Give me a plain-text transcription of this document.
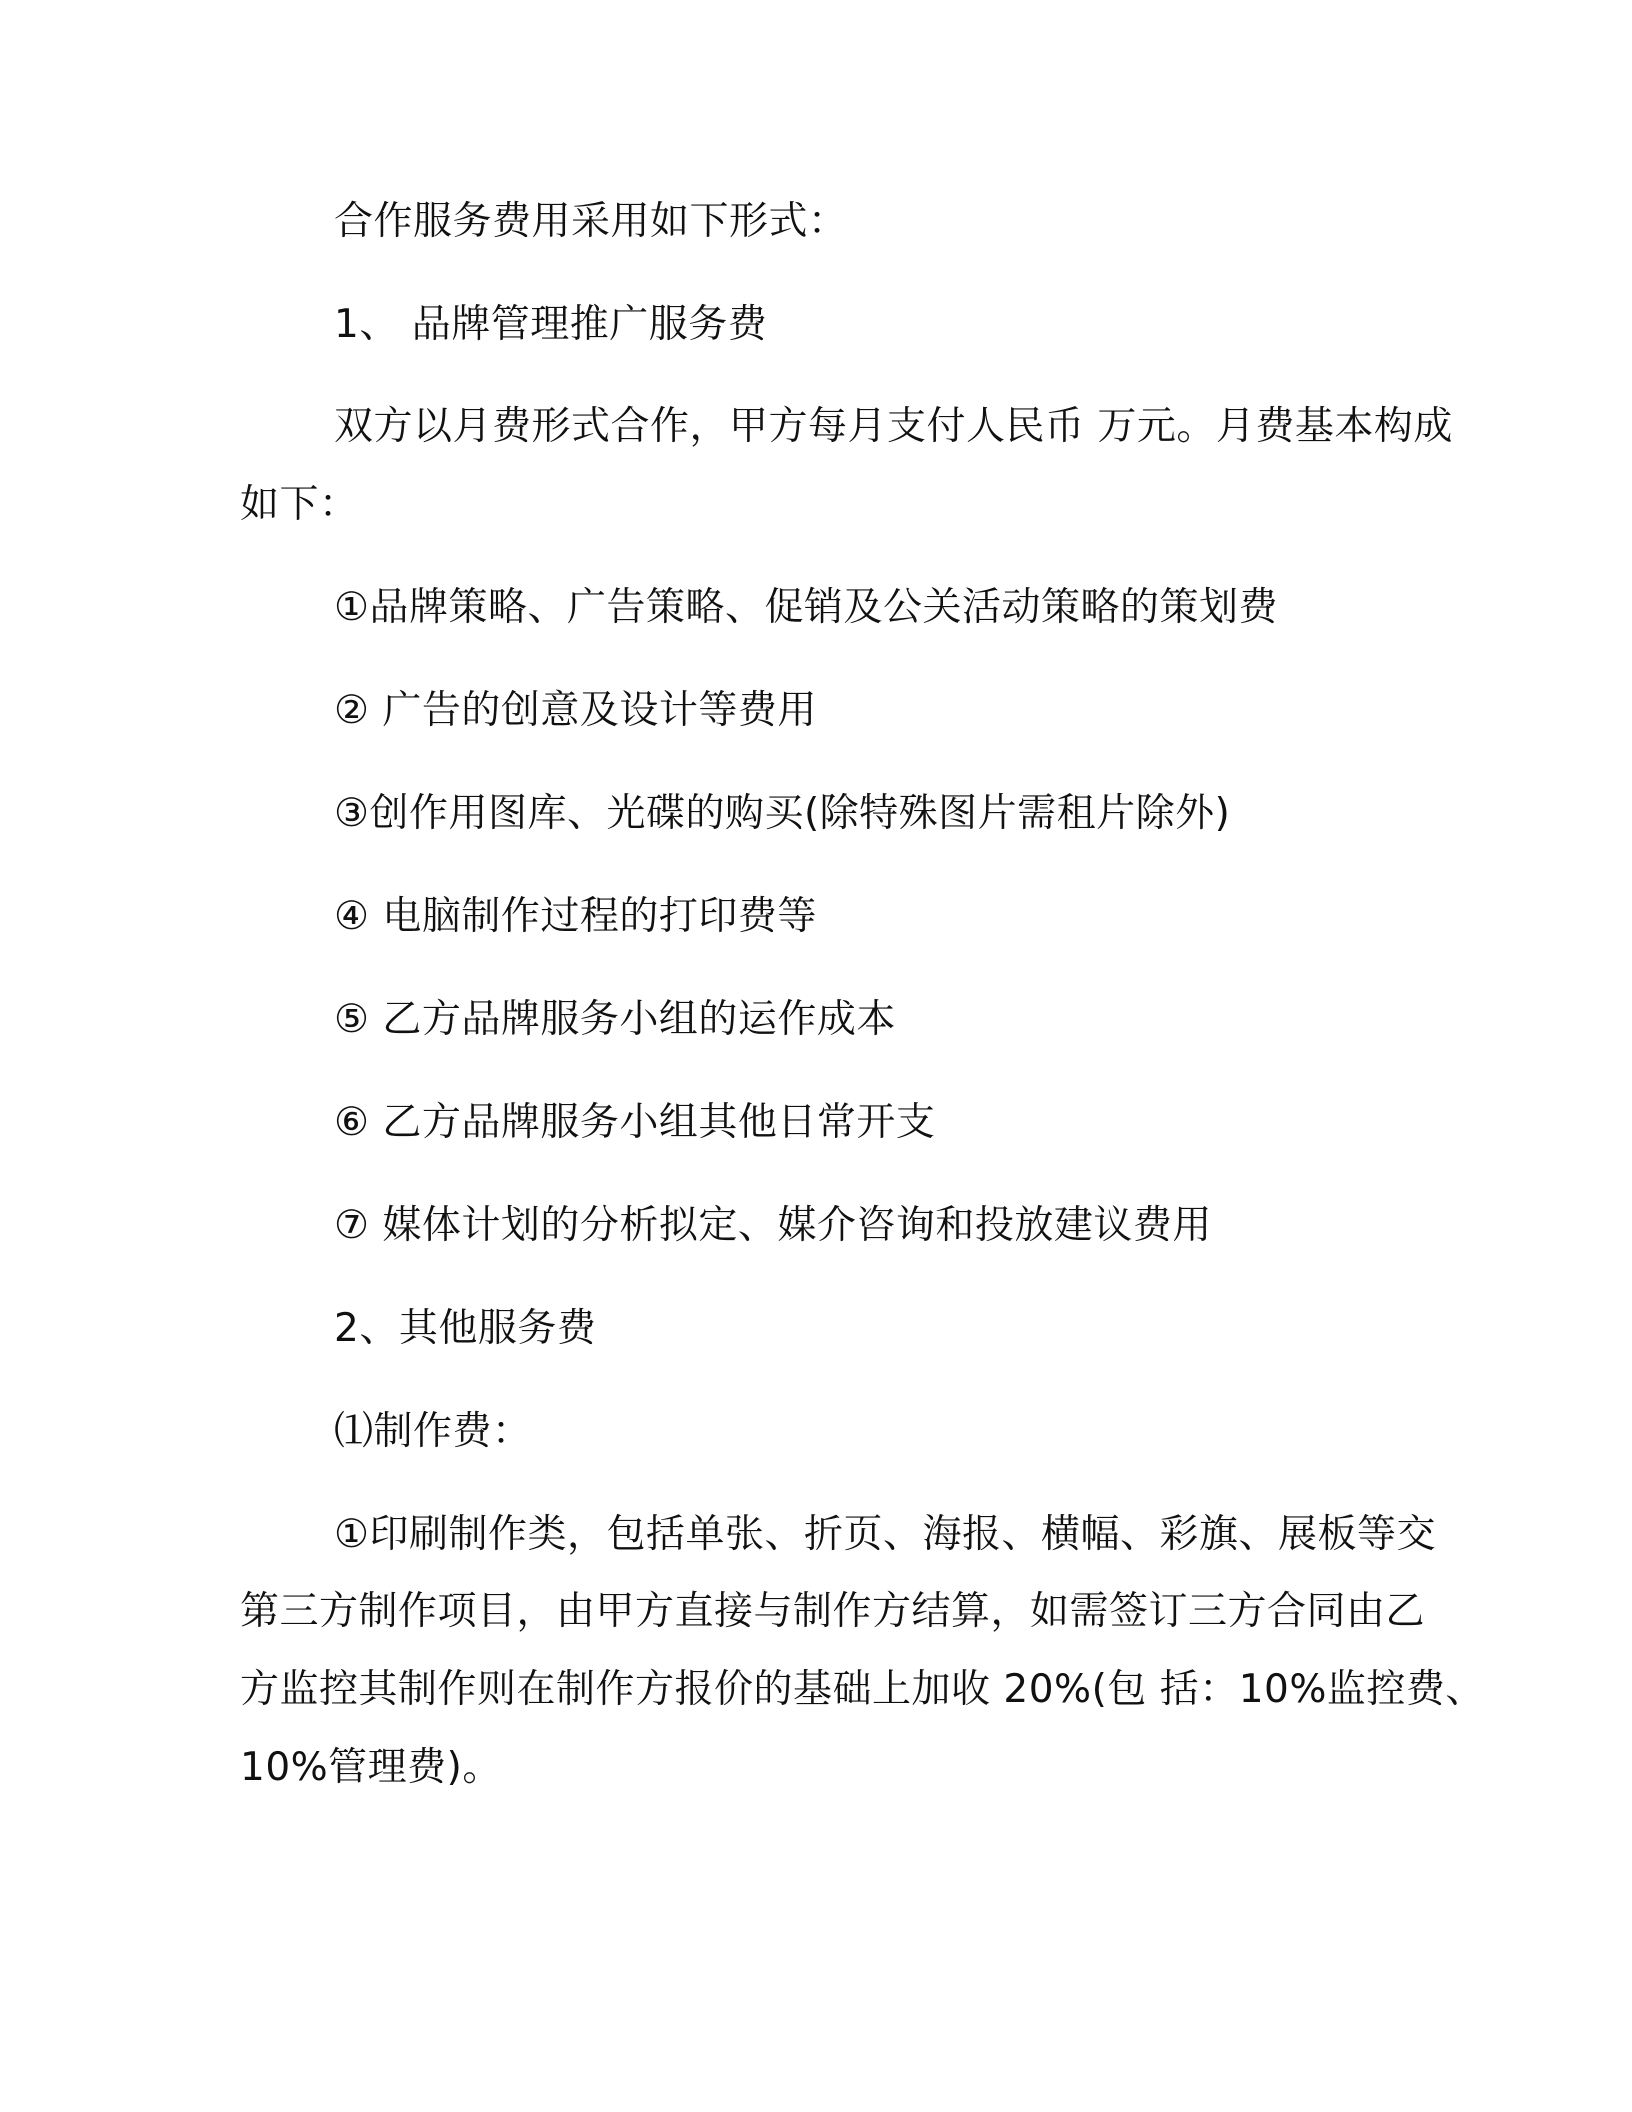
合作服务费用采用如下形式：
1、 品牌管理推广服务费
双方以月费形式合作，甲方每月支付人民币 万元。月费基本构成
如下：
①品牌策略、广告策略、促销及公关活动策略的策划费
② 广告的创意及设计等费用
③创作用图库、光碟的购买(除特殊图片需租片除外)
④ 电脑制作过程的打印费等
⑤ 乙方品牌服务小组的运作成本
⑥ 乙方品牌服务小组其他日常开支
⑦ 媒体计划的分析拟定、媒介咨询和投放建议费用
2、其他服务费
⑴制作费：
①印刷制作类，包括单张、折页、海报、横幅、彩旗、展板等交
第三方制作项目，由甲方直接与制作方结算，如需签订三方合同由乙
方监控其制作则在制作方报价的基础上加收 20%(包 括：10%监控费、
10%管理费)。
